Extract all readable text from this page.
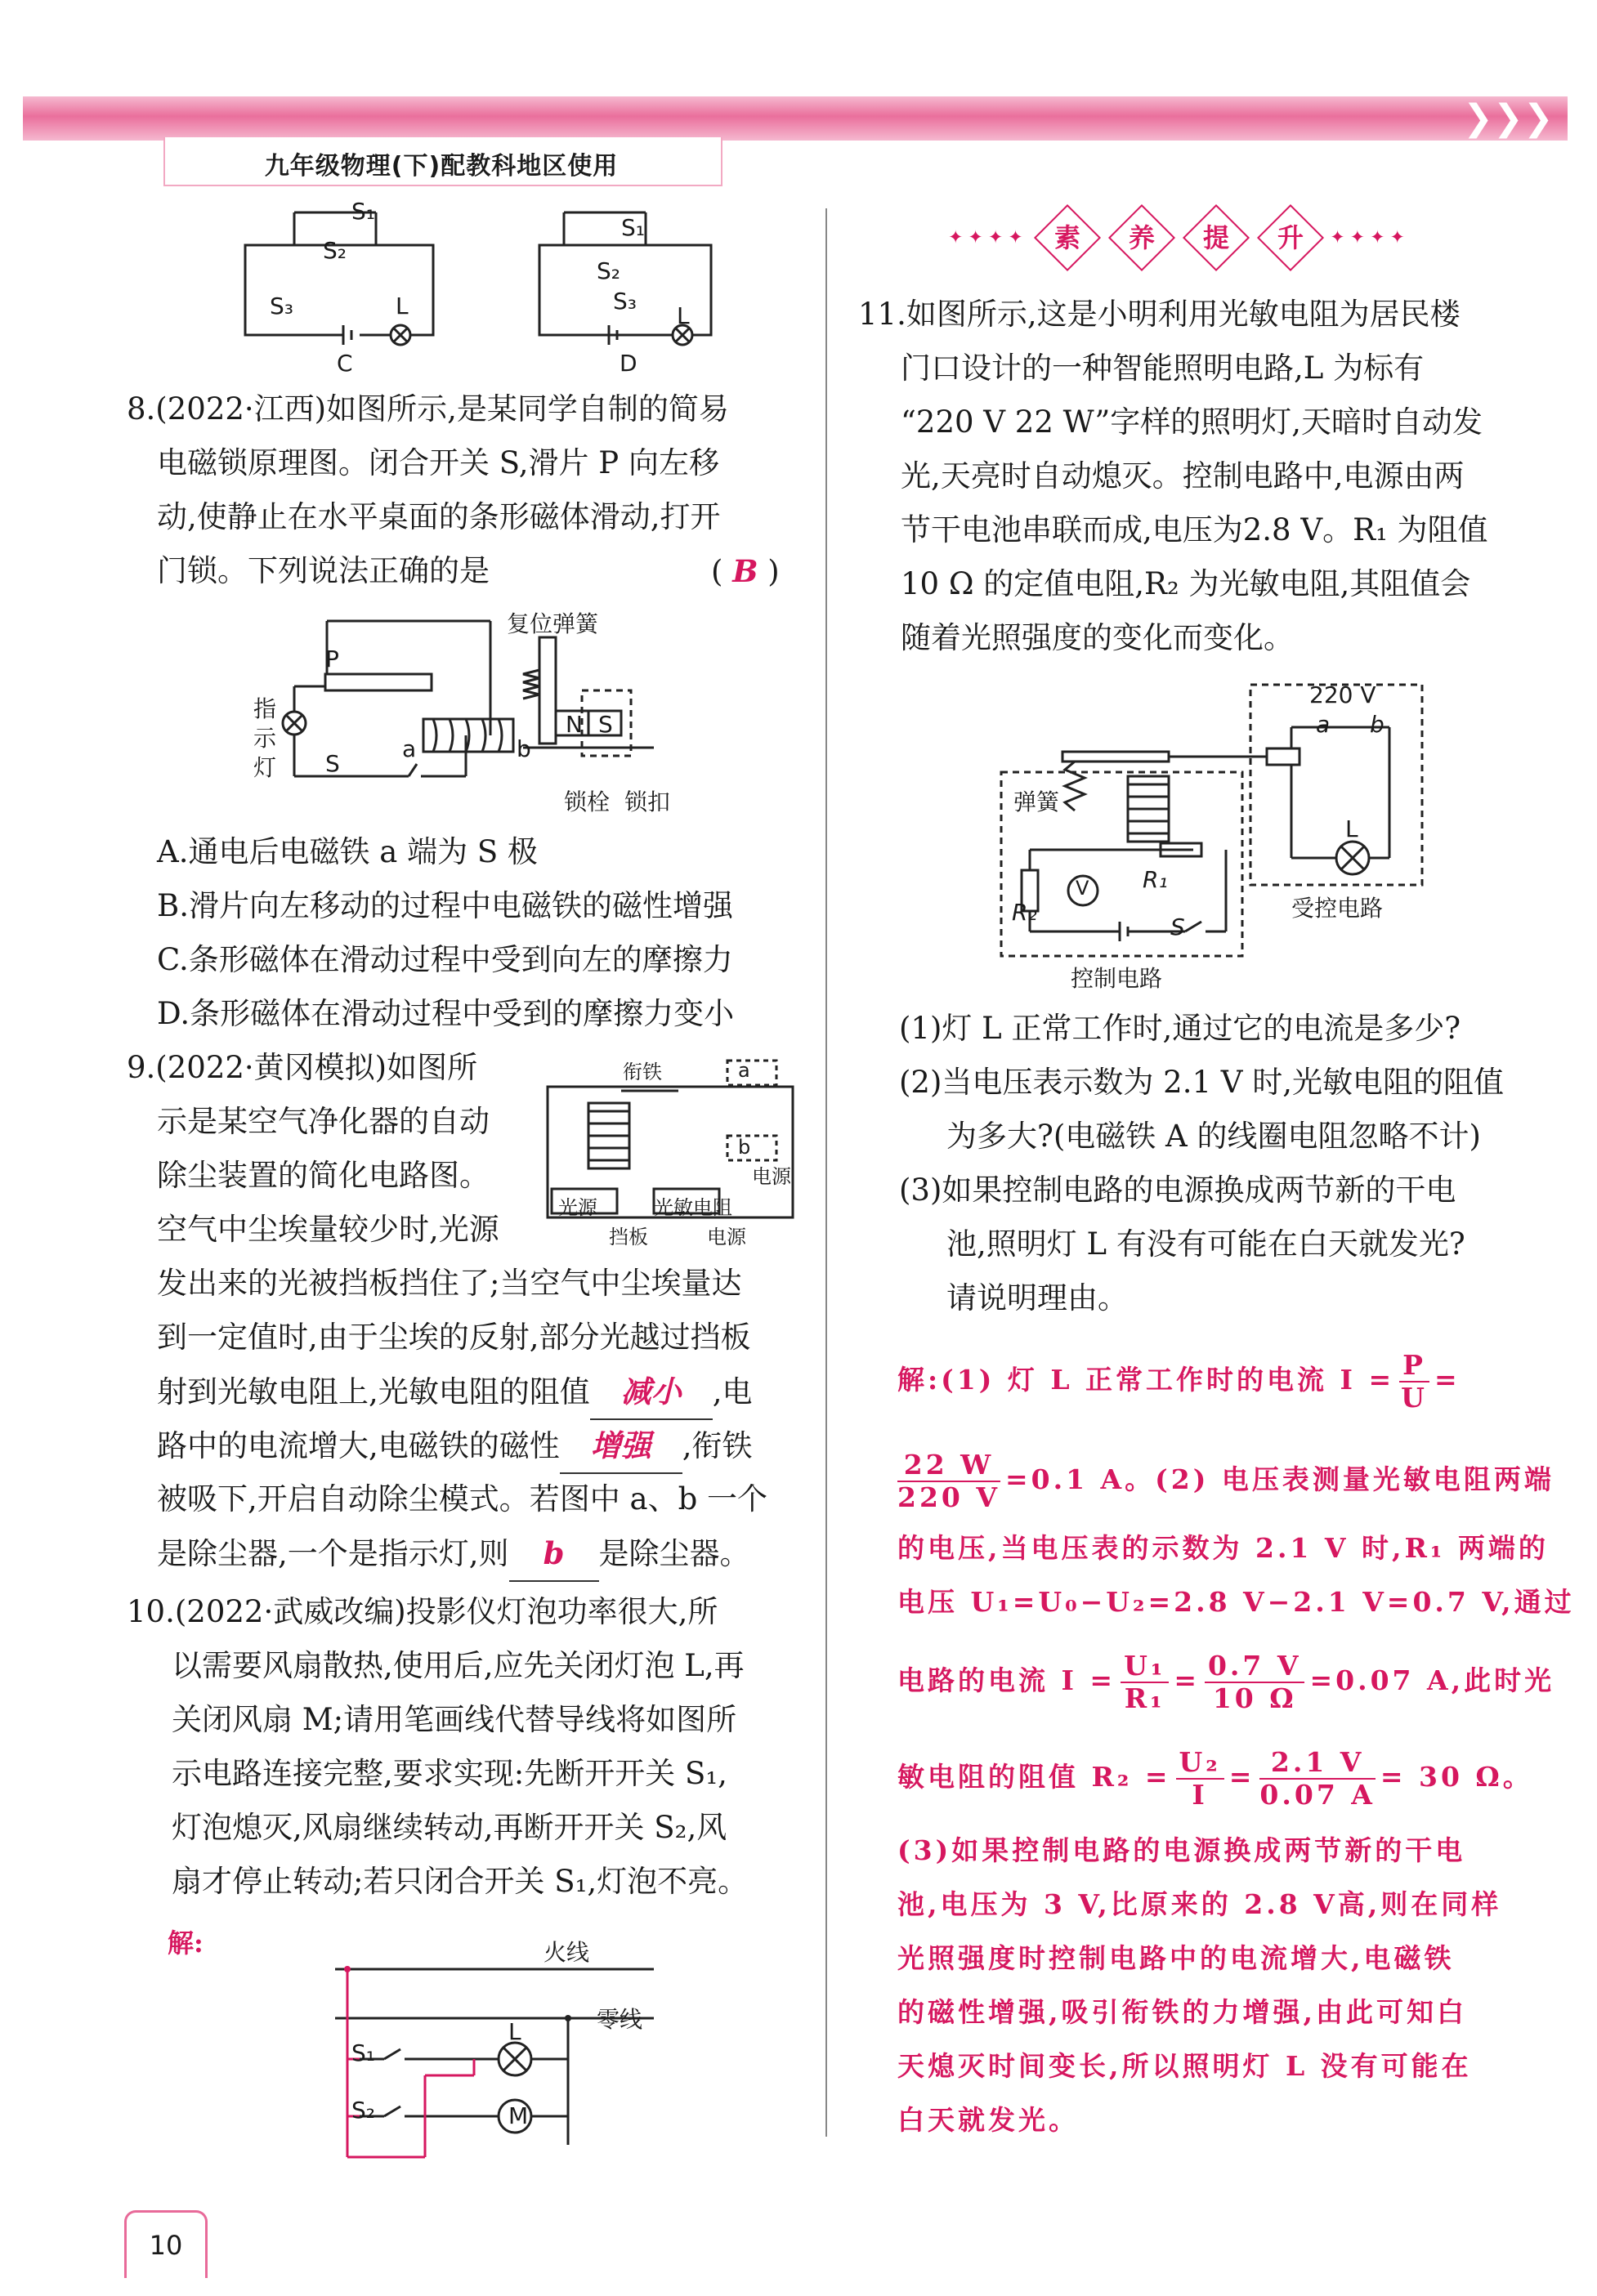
❯❯❯
九年级物理(下)配教科地区使用
S₁
S₂
S₃	L
C
S₁
S₂
S₃
L
D
8.(2022·江西)如图所示,是某同学自制的简易
电磁锁原理图。闭合开关 S,滑片 P 向左移
动,使静止在水平桌面的条形磁体滑动,打开
门锁。下列说法正确的是	( B )
复位弹簧
P
指示灯
a	b
S
N S
锁栓 锁扣
A.通电后电磁铁 a 端为 S 极
B.滑片向左移动的过程中电磁铁的磁性增强
C.条形磁体在滑动过程中受到向左的摩擦力
D.条形磁体在滑动过程中受到的摩擦力变小
9.(2022·黄冈模拟)如图所
示是某空气净化器的自动
除尘装置的简化电路图。
空气中尘埃量较少时,光源
衔铁	a
b
电源
光源	光敏电阻
挡板	电源
发出来的光被挡板挡住了;当空气中尘埃量达
到一定值时,由于尘埃的反射,部分光越过挡板
射到光敏电阻上,光敏电阻的阻值 减小 ,电
路中的电流增大,电磁铁的磁性 增强 ,衔铁
被吸下,开启自动除尘模式。若图中 a、b 一个
是除尘器,一个是指示灯,则 b 是除尘器。
10.(2022·武威改编)投影仪灯泡功率很大,所
以需要风扇散热,使用后,应先关闭灯泡 L,再
关闭风扇 M;请用笔画线代替导线将如图所
示电路连接完整,要求实现:先断开开关 S₁,
灯泡熄灭,风扇继续转动,再断开开关 S₂,风
扇才停止转动;若只闭合开关 S₁,灯泡不亮。
解:	火线
零线
L
M
S₁
S₂
✦✦✦✦	素
	养
	提
	升	✦✦✦✦
11.如图所示,这是小明利用光敏电阻为居民楼
门口设计的一种智能照明电路,L 为标有
“220 V 22 W”字样的照明灯,天暗时自动发
光,天亮时自动熄灭。控制电路中,电源由两
节干电池串联而成,电压为2.8 V。R₁ 为阻值
10 Ω 的定值电阻,R₂ 为光敏电阻,其阻值会
随着光照强度的变化而变化。
220 V
a b
弹簧
R₁
R₂
V
S
L
受控电路
控制电路
(1)灯 L 正常工作时,通过它的电流是多少?
(2)当电压表示数为 2.1 V 时,光敏电阻的阻值
为多大?(电磁铁 A 的线圈电阻忽略不计)
(3)如果控制电路的电源换成两节新的干电
池,照明灯 L 有没有可能在白天就发光?
请说明理由。
解:(1) 灯 L 正常工作时的电流 $I = \frac{P}{U}$ =
$\frac{22 W}{220 V} =0.1$ A。(2) 电压表测量光敏电阻两端
的电压,当电压表的示数为 2.1 V 时,R₁ 两端的
电压 U₁=U₀−U₂=2.8 V−2.1 V=0.7 V,通过
电路的电流 $I = \frac{\text{U₁}}{\text{R₁}} = \frac{0.7 V}{10 \Omega} =0.07$ A,此时光
敏电阻的阻值 $R_2 = \frac{\text{U₂}}{I} = \frac{2.1 V}{0.07 A} = 30$ Ω。
(3)如果控制电路的电源换成两节新的干电
池,电压为 3 V,比原来的 2.8 V高,则在同样
光照强度时控制电路中的电流增大,电磁铁
的磁性增强,吸引衔铁的力增强,由此可知白
天熄灭时间变长,所以照明灯 L 没有可能在
白天就发光。
10
